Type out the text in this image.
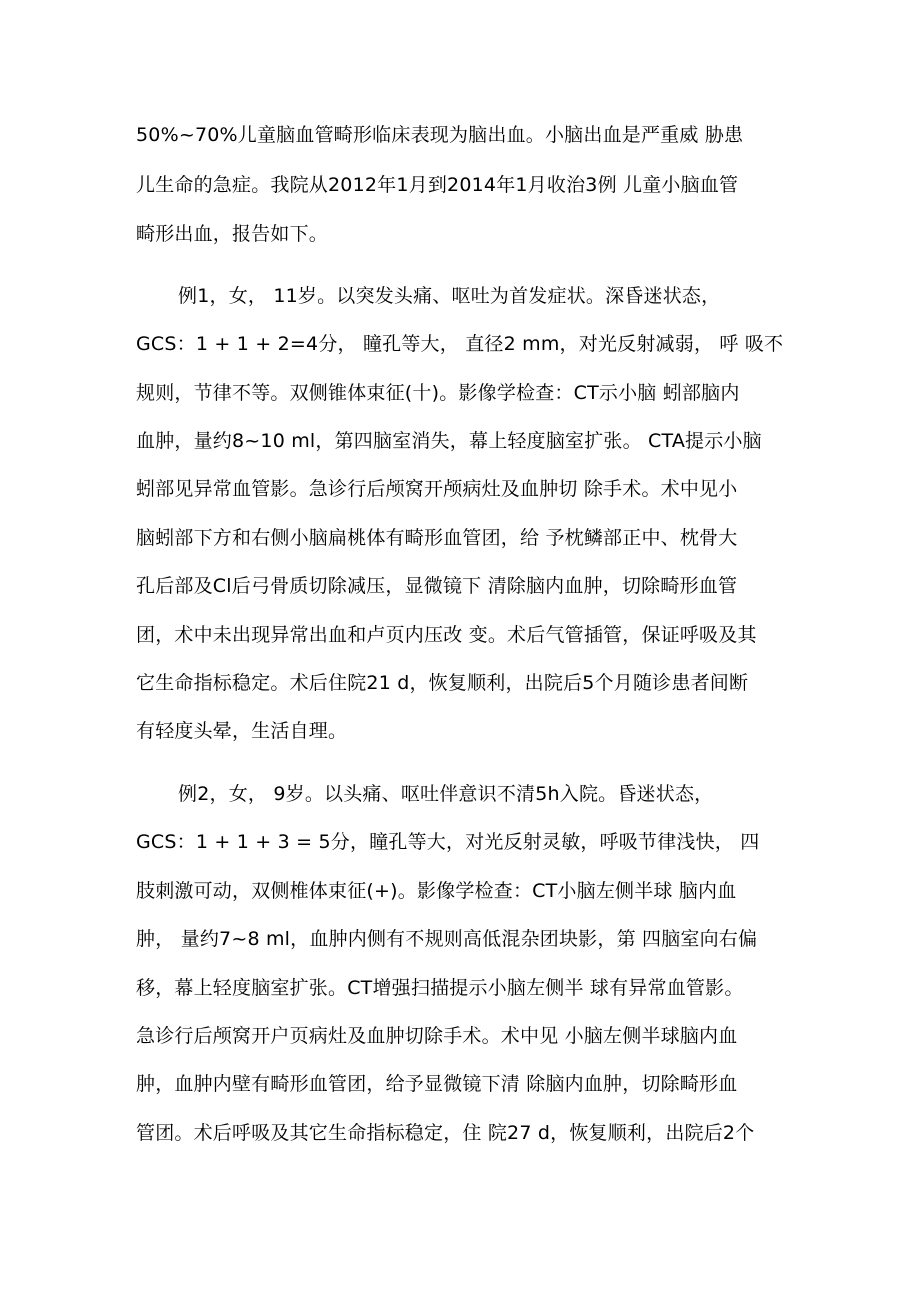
50%~70%儿童脑血管畸形临床表现为脑出血。小脑出血是严重威 胁患
儿生命的急症。我院从2012年1月到2014年1月收治3例 儿童小脑血管
畸形出血，报告如下。
例1，女， 11岁。以突发头痛、呕吐为首发症状。深昏迷状态，
GCS：1 + 1 + 2=4分， 瞳孔等大， 直径2 mm，对光反射减弱， 呼 吸不
规则，节律不等。双侧锥体束征(十)。影像学检查：CT示小脑 蚓部脑内
血肿，量约8~10 ml，第四脑室消失，幕上轻度脑室扩张。 CTA提示小脑
蚓部见异常血管影。急诊行后颅窝开颅病灶及血肿切 除手术。术中见小
脑蚓部下方和右侧小脑扁桃体有畸形血管团，给 予枕鳞部正中、枕骨大
孔后部及Cl后弓骨质切除减压，显微镜下 清除脑内血肿，切除畸形血管
团，术中未出现异常出血和卢页内压改 变。术后气管插管，保证呼吸及其
它生命指标稳定。术后住院21 d，恢复顺利，出院后5个月随诊患者间断
有轻度头晕，生活自理。
例2，女， 9岁。以头痛、呕吐伴意识不清5h入院。昏迷状态，
GCS：1 + 1 + 3 = 5分，瞳孔等大，对光反射灵敏，呼吸节律浅快， 四
肢刺激可动，双侧椎体束征(+)。影像学检查：CT小脑左侧半球 脑内血
肿， 量约7~8 ml，血肿内侧有不规则高低混杂团块影，第 四脑室向右偏
移，幕上轻度脑室扩张。CT增强扫描提示小脑左侧半 球有异常血管影。
急诊行后颅窝开户页病灶及血肿切除手术。术中见 小脑左侧半球脑内血
肿，血肿内壁有畸形血管团，给予显微镜下清 除脑内血肿，切除畸形血
管团。术后呼吸及其它生命指标稳定，住 院27 d，恢复顺利，出院后2个
